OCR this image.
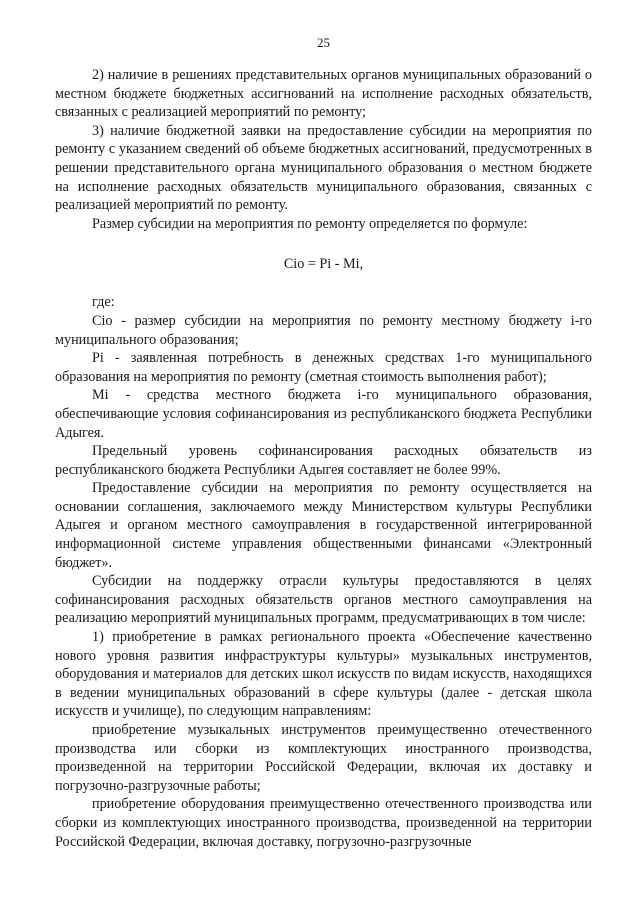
25

2) наличие в решениях представительных органов муниципальных образований о местном бюджете бюджетных ассигнований на исполнение расходных обязательств, связанных с реализацией мероприятий по ремонту;

3) наличие бюджетной заявки на предоставление субсидии на мероприятия по ремонту с указанием сведений об объеме бюджетных ассигнований, предусмотренных в решении представительного органа муниципального образования о местном бюджете на исполнение расходных обязательств муниципального образования, связанных с реализацией мероприятий по ремонту.

Размер субсидии на мероприятия по ремонту определяется по формуле:

Ciо = Pi - Mi,

где:

Ciо - размер субсидии на мероприятия по ремонту местному бюджету i-го муниципального образования;

Pi - заявленная потребность в денежных средствах 1-го муниципального образования на мероприятия по ремонту (сметная стоимость выполнения работ);

Mi - средства местного бюджета i-го муниципального образования, обеспечивающие условия софинансирования из республиканского бюджета Республики Адыгея.

Предельный уровень софинансирования расходных обязательств из республиканского бюджета Республики Адыгея составляет не более 99%.

Предоставление субсидии на мероприятия по ремонту осуществляется на основании соглашения, заключаемого между Министерством культуры Республики Адыгея и органом местного самоуправления в государственной интегрированной информационной системе управления общественными финансами «Электронный бюджет».

Субсидии на поддержку отрасли культуры предоставляются в целях софинансирования расходных обязательств органов местного самоуправления на реализацию мероприятий муниципальных программ, предусматривающих в том числе:

1) приобретение в рамках регионального проекта «Обеспечение качественно нового уровня развития инфраструктуры культуры» музыкальных инструментов, оборудования и материалов для детских школ искусств по видам искусств, находящихся в ведении муниципальных образований в сфере культуры (далее - детская школа искусств и училище), по следующим направлениям:

приобретение музыкальных инструментов преимущественно отечественного производства или сборки из комплектующих иностранного производства, произведенной на территории Российской Федерации, включая их доставку и погрузочно-разгрузочные работы;

приобретение оборудования преимущественно отечественного производства или сборки из комплектующих иностранного производства, произведенной на территории Российской Федерации, включая доставку, погрузочно-разгрузочные
